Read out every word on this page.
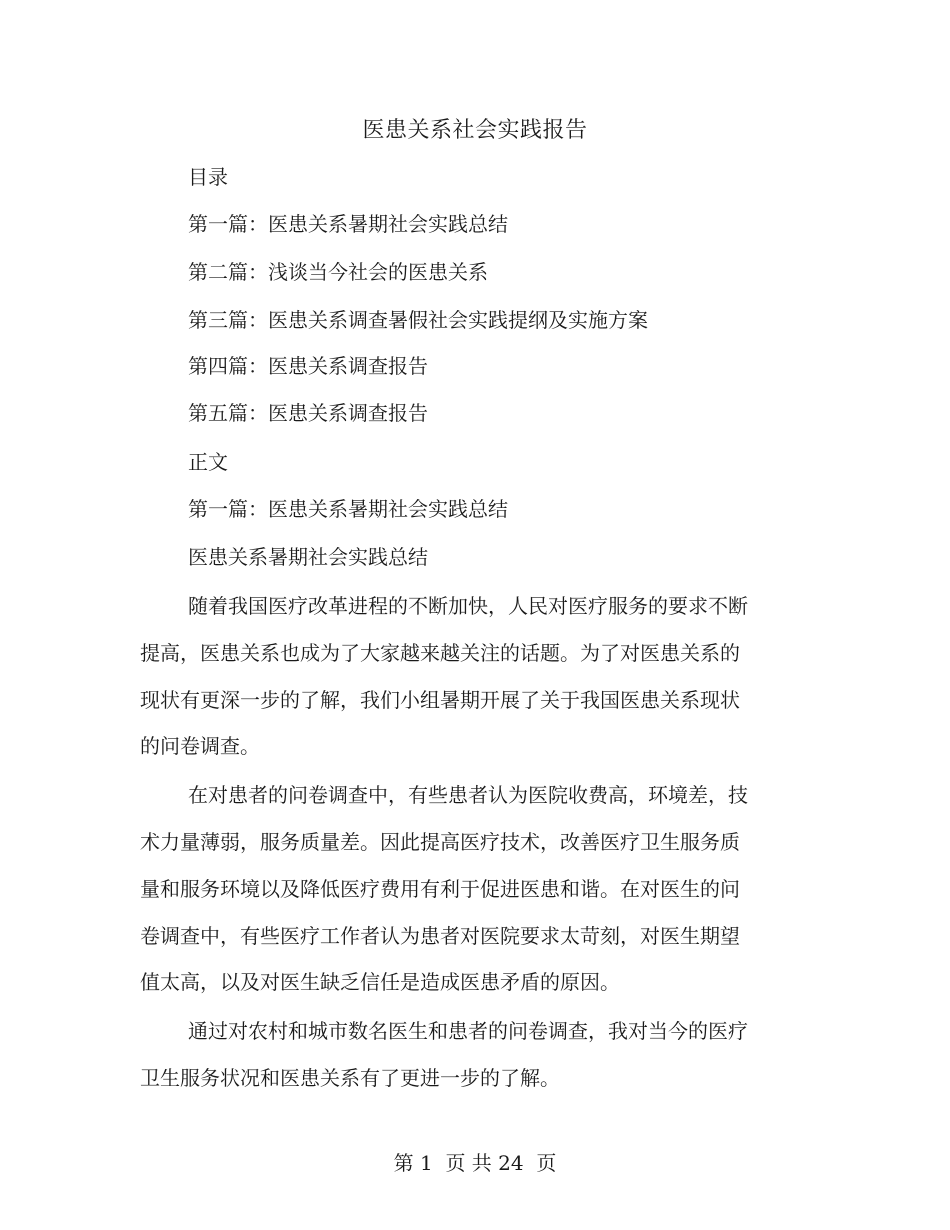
医患关系社会实践报告
目录
第一篇：医患关系暑期社会实践总结
第二篇：浅谈当今社会的医患关系
第三篇：医患关系调查暑假社会实践提纲及实施方案
第四篇：医患关系调查报告
第五篇：医患关系调查报告
正文
第一篇：医患关系暑期社会实践总结
医患关系暑期社会实践总结
随着我国医疗改革进程的不断加快，人民对医疗服务的要求不断
提高，医患关系也成为了大家越来越关注的话题。为了对医患关系的
现状有更深一步的了解，我们小组暑期开展了关于我国医患关系现状
的问卷调查。
在对患者的问卷调查中，有些患者认为医院收费高，环境差，技
术力量薄弱，服务质量差。因此提高医疗技术，改善医疗卫生服务质
量和服务环境以及降低医疗费用有利于促进医患和谐。在对医生的问
卷调查中，有些医疗工作者认为患者对医院要求太苛刻，对医生期望
值太高，以及对医生缺乏信任是造成医患矛盾的原因。
通过对农村和城市数名医生和患者的问卷调查，我对当今的医疗
卫生服务状况和医患关系有了更进一步的了解。
第 1  页 共 24  页
